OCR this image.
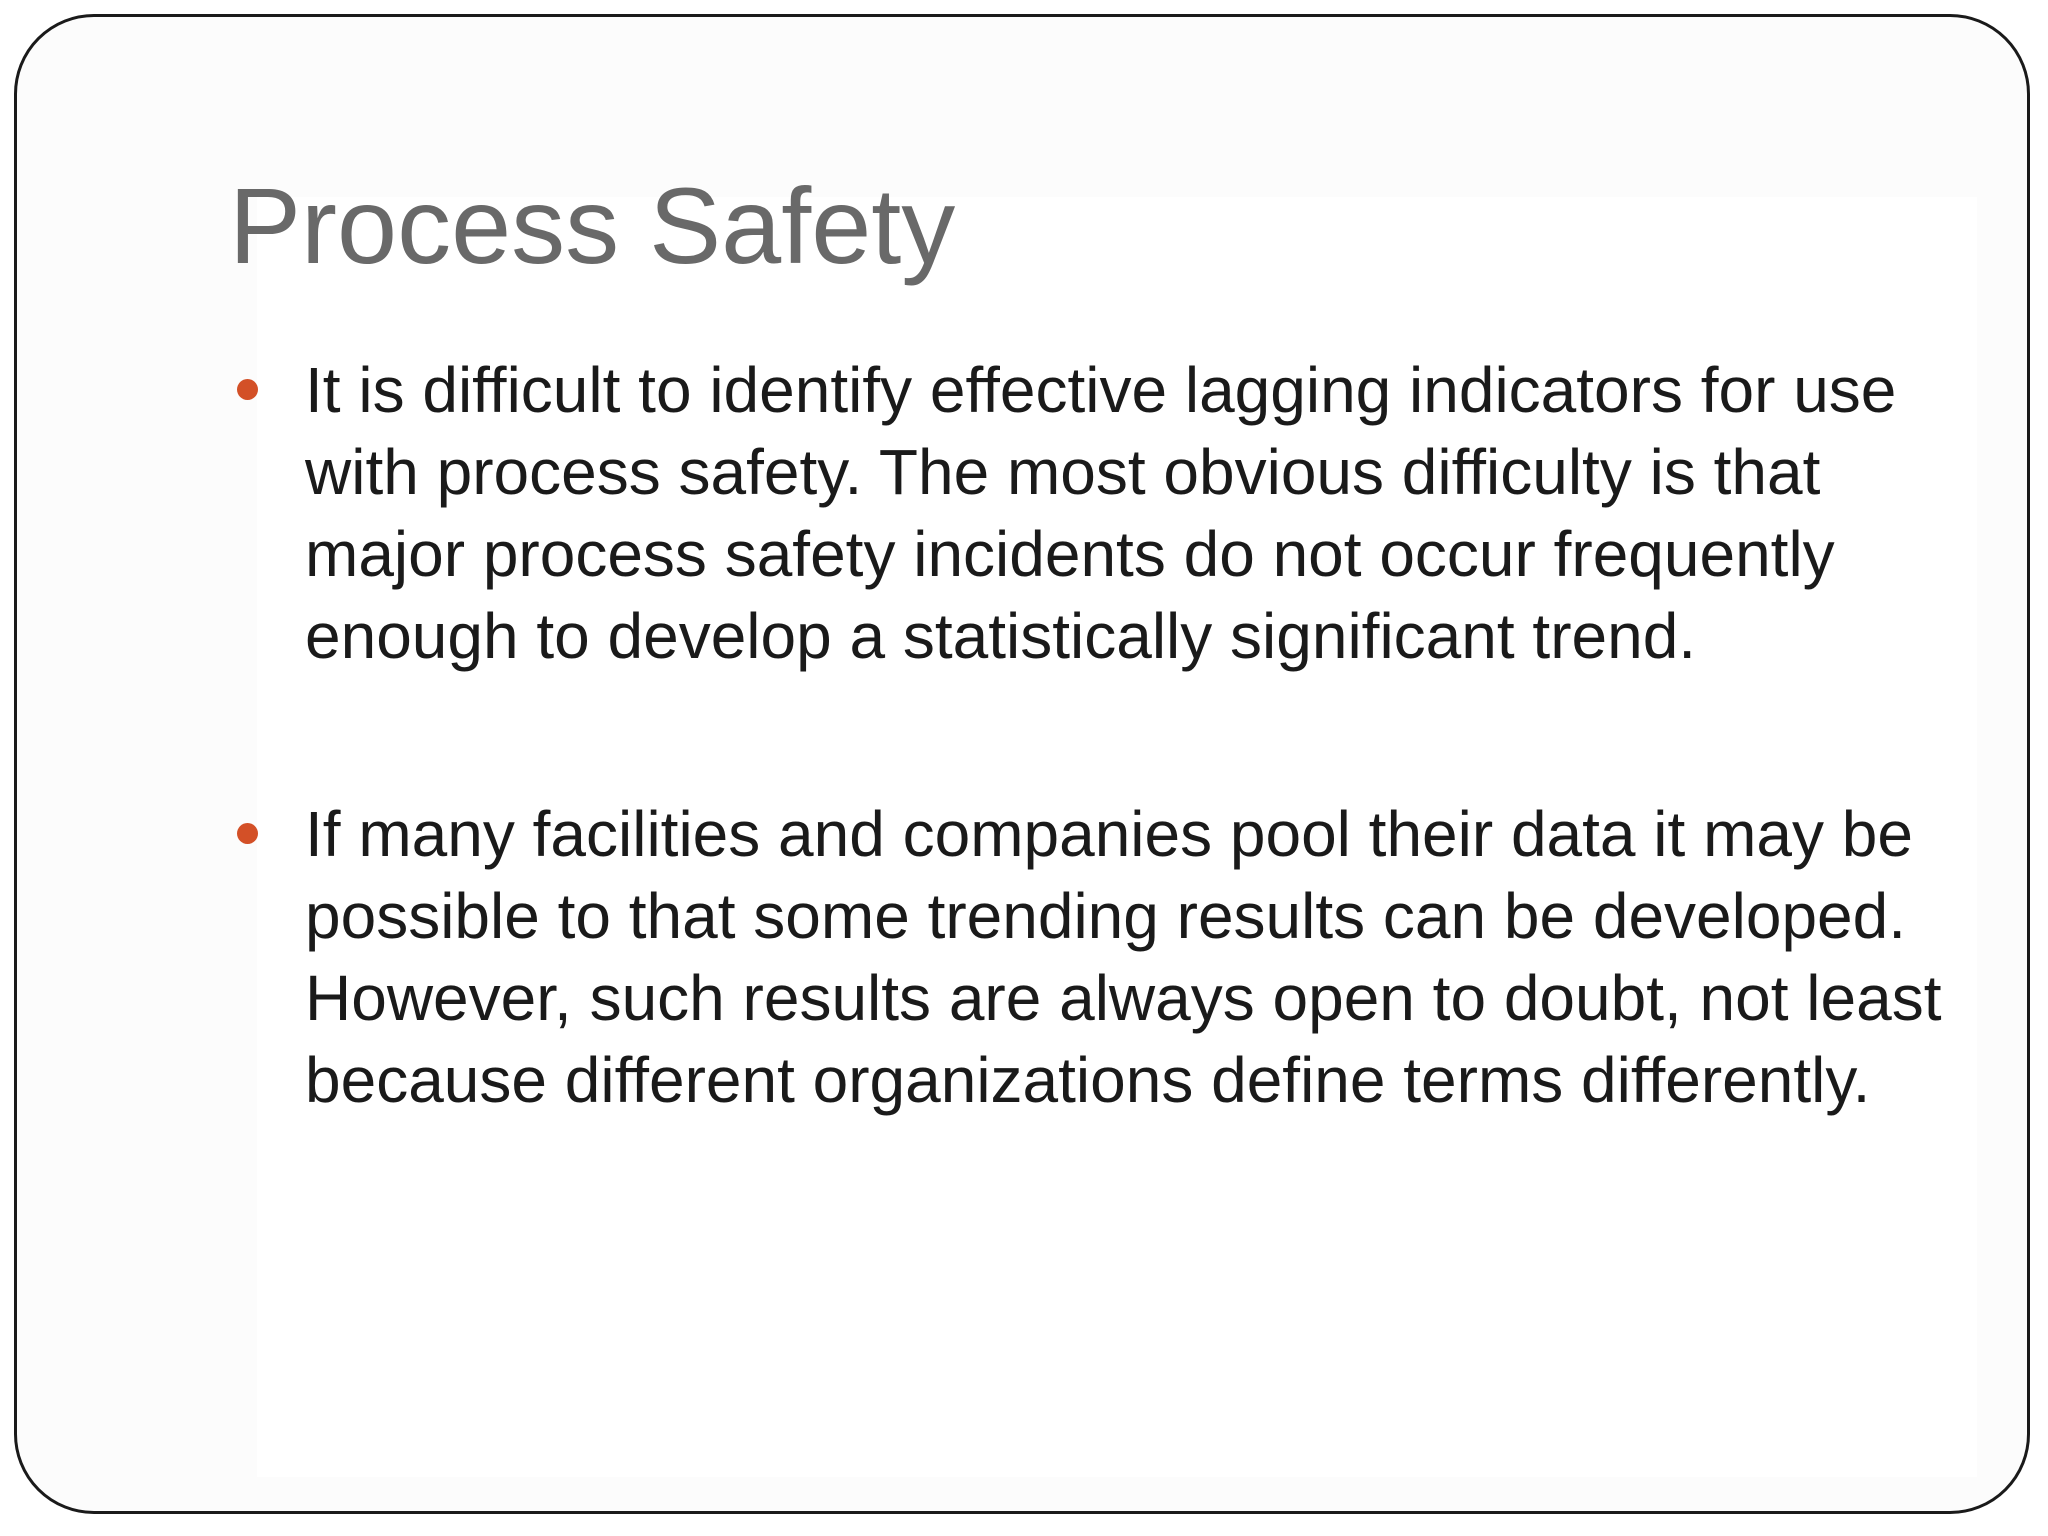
Process Safety
It is difficult to identify effective lagging indicators for use with process safety. The most obvious difficulty is that major process safety incidents do not occur frequently enough to develop a statistically significant trend.
If many facilities and companies pool their data it may be possible to that some trending results can be developed. However, such results are always open to doubt, not least because different organizations define terms differently.
